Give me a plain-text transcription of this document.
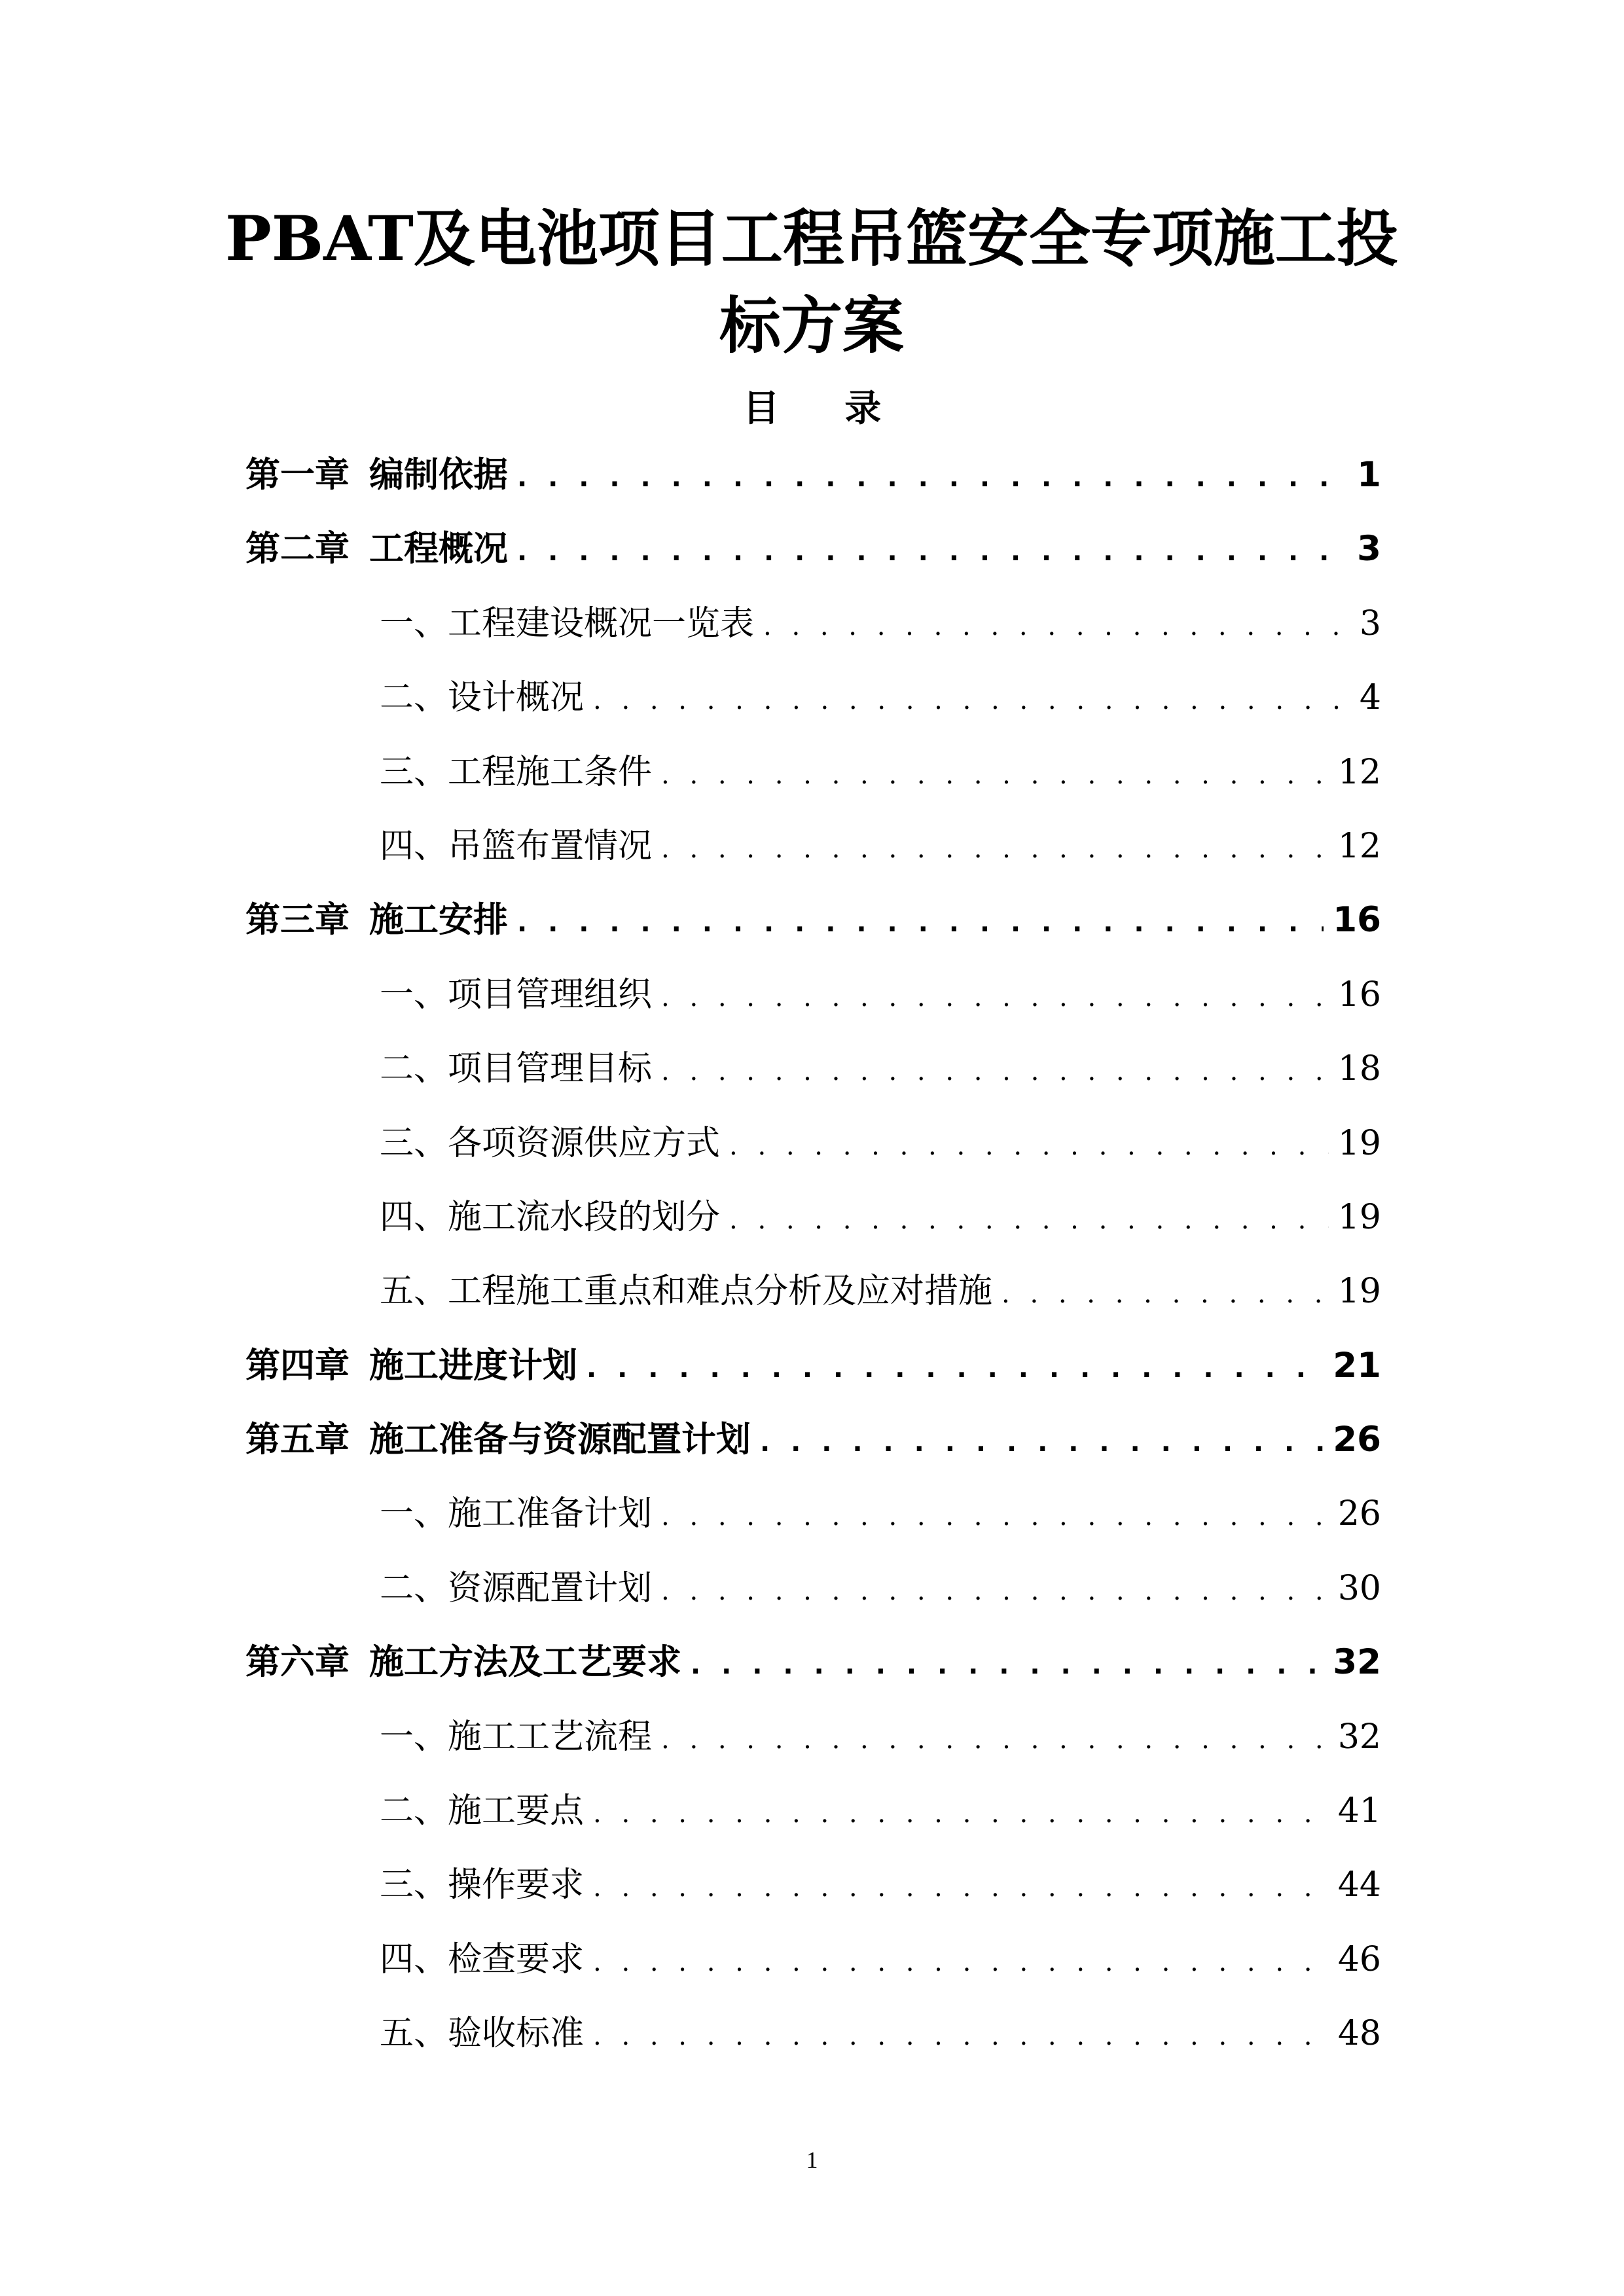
PBAT及电池项目工程吊篮安全专项施工投
标方案
目 录
第一章 编制依据 . . .	1
第二章 工程概况 . . .	3
一、工程建设概况一览表 . . .	3
二、设计概况 . . .	4
三、工程施工条件 . . .	12
四、吊篮布置情况 . . .	12
第三章 施工安排 . . .	16
一、项目管理组织 . . .	16
二、项目管理目标 . . .	18
三、各项资源供应方式 . . .	19
四、施工流水段的划分 . . .	19
五、工程施工重点和难点分析及应对措施 . . .	19
第四章 施工进度计划 . . .	21
第五章 施工准备与资源配置计划 . . .	26
一、施工准备计划 . . .	26
二、资源配置计划 . . .	30
第六章 施工方法及工艺要求 . . .	32
一、施工工艺流程 . . .	32
二、施工要点 . . .	41
三、操作要求 . . .	44
四、检查要求 . . .	46
五、验收标准 . . .	48
1
